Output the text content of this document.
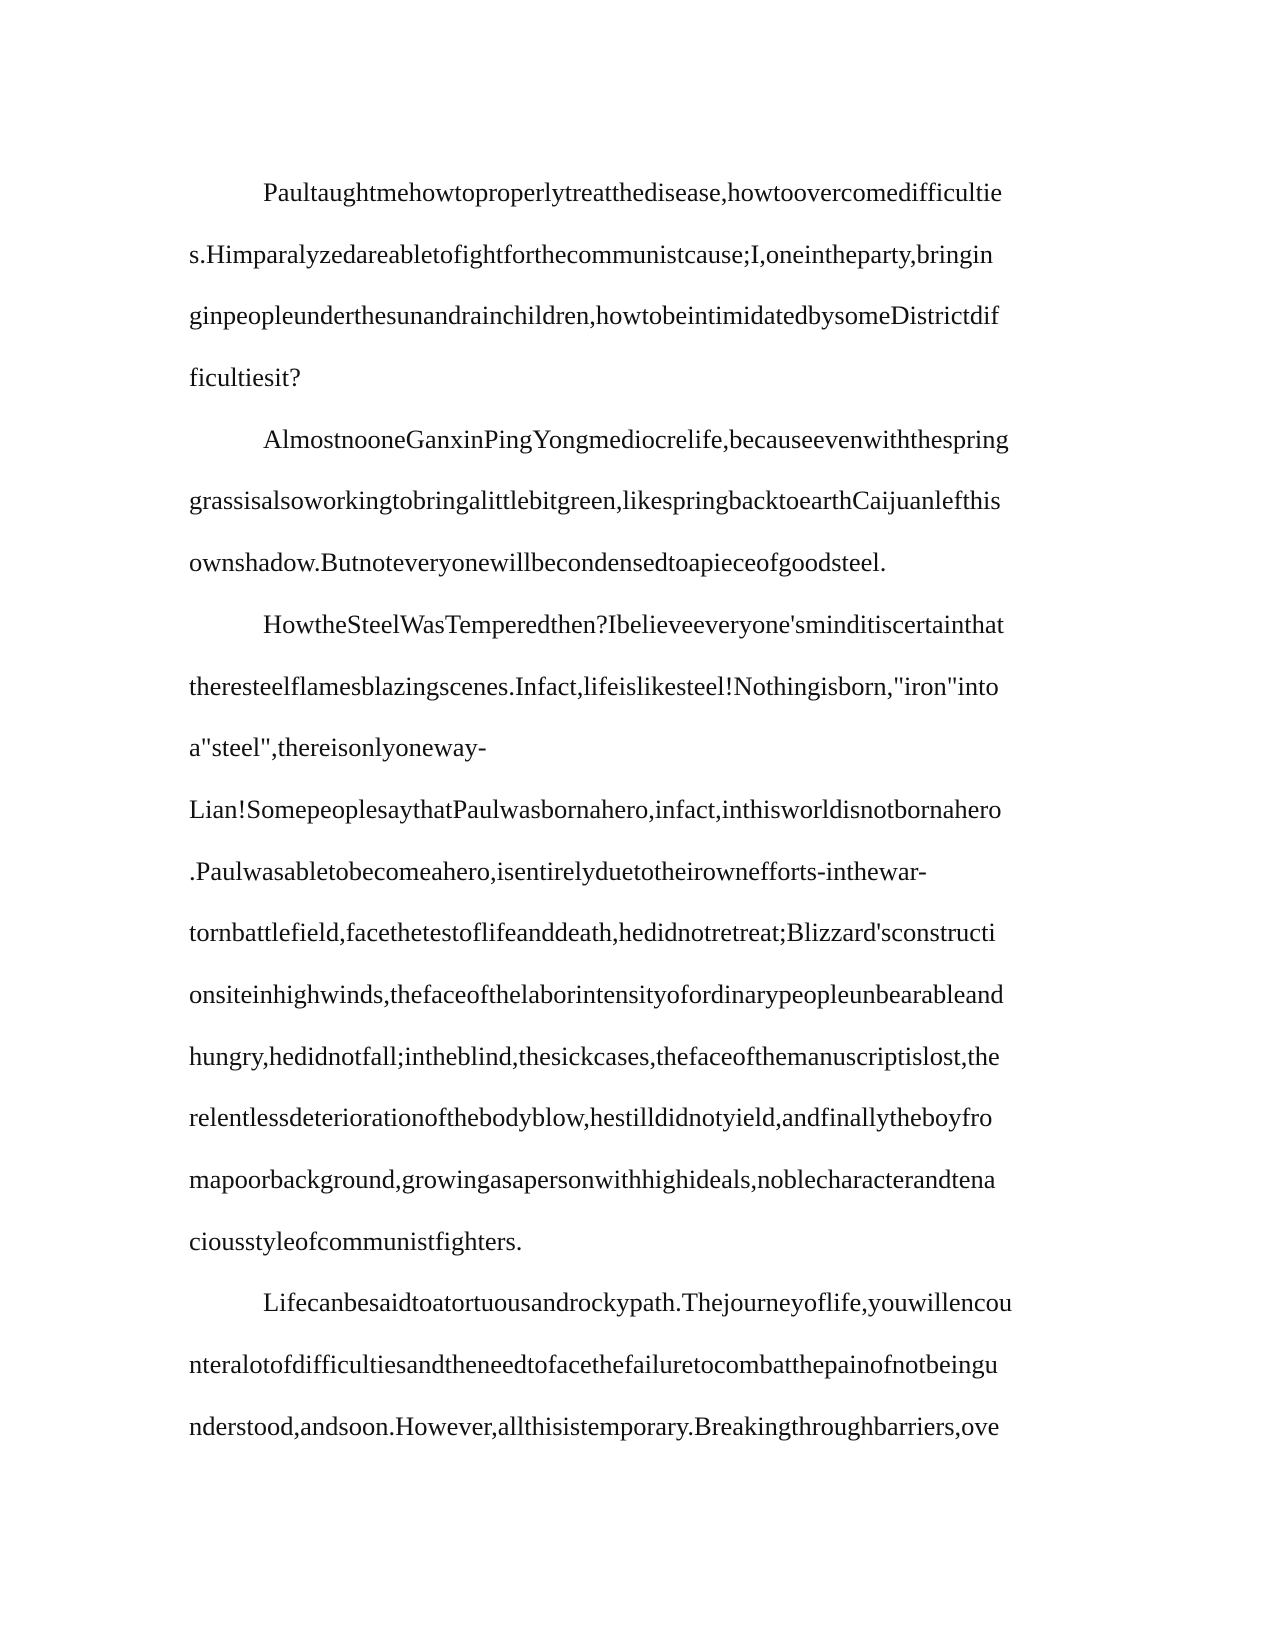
Paultaughtmehowtoproperlytreatthedisease,howtoovercomedifficultie
s.Himparalyzedareabletofightforthecommunistcause;I,oneintheparty,bringin
ginpeopleunderthesunandrainchildren,howtobeintimidatedbysomeDistrictdif
ficultiesit?
AlmostnooneGanxinPingYongmediocrelife,becauseevenwiththespring
grassisalsoworkingtobringalittlebitgreen,likespringbacktoearthCaijuanlefthis
ownshadow.Butnoteveryonewillbecondensedtoapieceofgoodsteel.
HowtheSteelWasTemperedthen?Ibelieveeveryone'sminditiscertainthat
theresteelflamesblazingscenes.Infact,lifeislikesteel!Nothingisborn,"iron"into
a"steel",thereisonlyoneway-
Lian!SomepeoplesaythatPaulwasbornahero,infact,inthisworldisnotbornahero
.Paulwasabletobecomeahero,isentirelyduetotheirownefforts-inthewar-
tornbattlefield,facethetestoflifeanddeath,hedidnotretreat;Blizzard'sconstructi
onsiteinhighwinds,thefaceofthelaborintensityofordinarypeopleunbearableand
hungry,hedidnotfall;intheblind,thesickcases,thefaceofthemanuscriptislost,the
relentlessdeteriorationofthebodyblow,hestilldidnotyield,andfinallytheboyfro
mapoorbackground,growingasapersonwithhighideals,noblecharacterandtena
ciousstyleofcommunistfighters.
Lifecanbesaidtoatortuousandrockypath.Thejourneyoflife,youwillencou
nteralotofdifficultiesandtheneedtofacethefailuretocombatthepainofnotbeingu
nderstood,andsoon.However,allthisistemporary.Breakingthroughbarriers,ove
